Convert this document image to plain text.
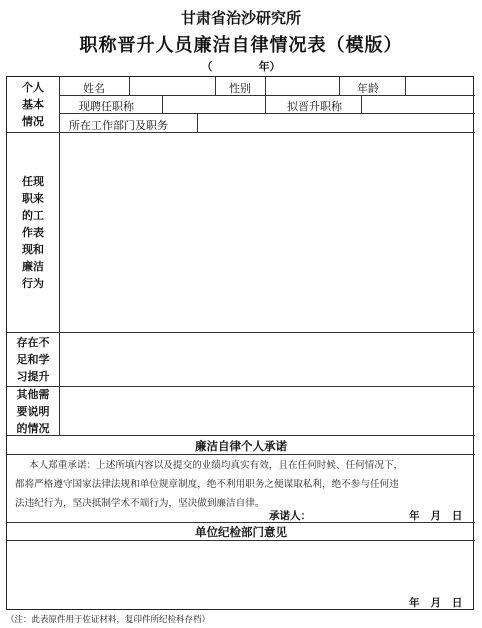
甘肃省治沙研究所
职称晋升人员廉洁自律情况表（模版）
（	年）
个人
基本
情况
姓名	性别	年龄
现聘任职称	拟晋升职称
所在工作部门及职务
任现
职来
的工
作表
现和
廉洁
行为
存在不
足和学
习提升
其他需
要说明
的情况
廉洁自律个人承诺
本人郑重承诺：上述所填内容以及提交的业绩均真实有效，且在任何时候、任何情况下，
都将严格遵守国家法律法规和单位规章制度，绝不利用职务之便谋取私利，绝不参与任何违
法违纪行为，坚决抵制学术不端行为，坚决做到廉洁自律。
承诺人：	年   月   日
单位纪检部门意见
年   月   日
（注：此表原件用于佐证材料，复印件所纪检科存档）
